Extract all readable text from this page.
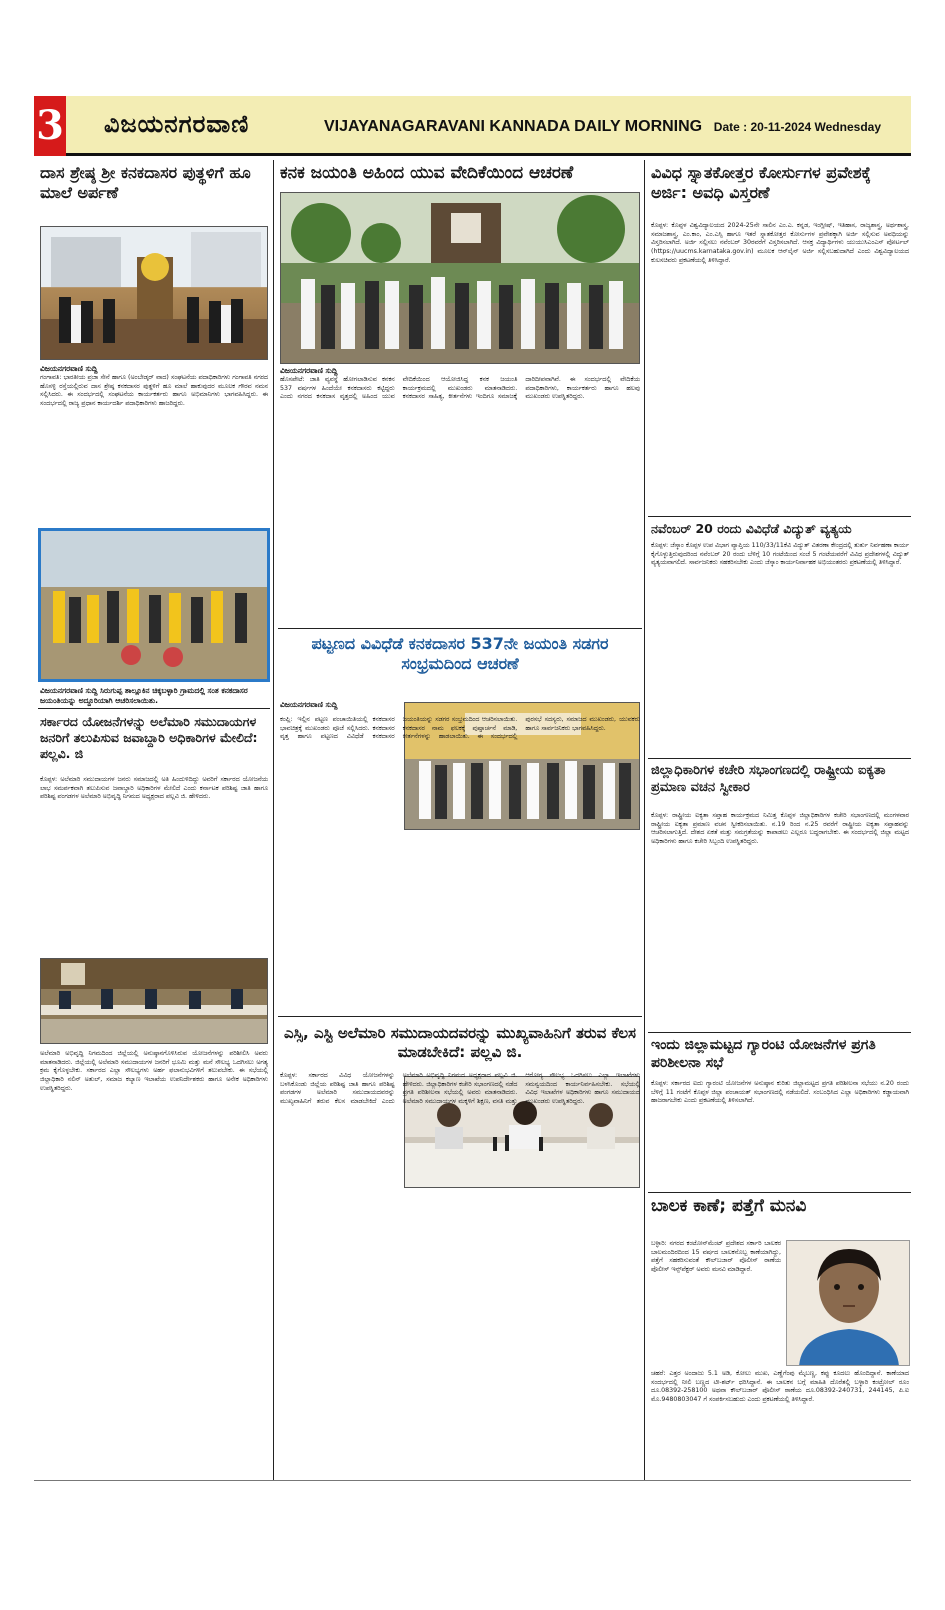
3 ವಿಜಯನಗರವಾಣಿ	VIJAYANAGARAVANI KANNADA DAILY MORNING Date : 20-11-2024 Wednesday
ದಾಸ ಶ್ರೇಷ್ಠ ಶ್ರೀ ಕನಕದಾಸರ ಪುತ್ಥಳಿಗೆ ಹೂ ಮಾಲೆ ಅರ್ಪಣೆ
ವಿಜಯನಗರವಾಣಿ ಸುದ್ದಿ
ಗಂಗಾವತಿ: ಭಾರತೀಯ ಪ್ರಜಾ ಸೇನೆ ಹಾಗೂ (ಅಂಬೇಡ್ಕರ್ ವಾದ) ಸಂಘಟನೆಯ ಪದಾಧಿಕಾರಿಗಳು ಗಂಗಾವತಿ ನಗರದ ಹೊಸಳ್ಳಿ ರಸ್ತೆಯಲ್ಲಿರುವ ದಾಸ ಶ್ರೇಷ್ಠ ಕನಕದಾಸರ ಪುತ್ಥಳಿಗೆ ಹೂ ಮಾಲೆ ಹಾಕುವುದರ ಮೂಲಕ ಗೌರವ ನಮನ ಸಲ್ಲಿಸಿದರು. ಈ ಸಂದರ್ಭದಲ್ಲಿ ಸಂಘಟನೆಯ ಕಾರ್ಯಕರ್ತರು ಹಾಗೂ ಅಭಿಮಾನಿಗಳು ಭಾಗವಹಿಸಿದ್ದರು. ಈ ಸಂದರ್ಭದಲ್ಲಿ ರಾಜ್ಯ ಪ್ರಧಾನ ಕಾರ್ಯದರ್ಶಿ ಪದಾಧಿಕಾರಿಗಳು ಹಾಜರಿದ್ದರು.
ವಿಜಯನಗರವಾಣಿ ಸುದ್ದಿ ಸಿರುಗುಪ್ಪ ತಾಲ್ಲೂಕಿನ ಚಿಕ್ಕಬಳ್ಳಾರಿ ಗ್ರಾಮದಲ್ಲಿ ಸಂತ ಕನಕದಾಸರ ಜಯಂತಿಯನ್ನು ಅದ್ದೂರಿಯಾಗಿ ಆಚರಿಸಲಾಯಿತು.
ಸರ್ಕಾರದ ಯೋಜನೆಗಳನ್ನು ಅಲೆಮಾರಿ ಸಮುದಾಯಗಳ ಜನರಿಗೆ ತಲುಪಿಸುವ ಜವಾಬ್ದಾರಿ ಅಧಿಕಾರಿಗಳ ಮೇಲಿದೆ: ಪಲ್ಲವಿ. ಜಿ
ಕೊಪ್ಪಳ: ಅಲೆಮಾರಿ ಸಮುದಾಯಗಳ ಜನರು ಸಮಾಜದಲ್ಲಿ ಅತಿ ಹಿಂದುಳಿದಿದ್ದು ಅವರಿಗೆ ಸರ್ಕಾರದ ಯೋಜನೆಯ ಲಾಭ ಸಮರ್ಪಕವಾಗಿ ತಲುಪಿಸುವ ಜವಾಬ್ದಾರಿ ಅಧಿಕಾರಿಗಳ ಮೇಲಿದೆ ಎಂದು ಕರ್ನಾಟಕ ಪರಿಶಿಷ್ಟ ಜಾತಿ ಹಾಗೂ ಪರಿಶಿಷ್ಟ ಪಂಗಡಗಳ ಅಲೆಮಾರಿ ಅಭಿವೃದ್ಧಿ ನಿಗಮದ ಅಧ್ಯಕ್ಷರಾದ ಪಲ್ಲವಿ ಜಿ. ಹೇಳಿದರು.
ಅಲೆಮಾರಿ ಅಭಿವೃದ್ಧಿ ನಿಗಮದಿಂದ ಜಿಲ್ಲೆಯಲ್ಲಿ ಅನುಷ್ಠಾನಗೊಳಿಸಿರುವ ಯೋಜನೆಗಳನ್ನು ಪರಿಶೀಲಿಸಿ ಅವರು ಮಾತನಾಡಿದರು. ಜಿಲ್ಲೆಯಲ್ಲಿ ಅಲೆಮಾರಿ ಸಮುದಾಯಗಳ ಜನರಿಗೆ ಭೂಮಿ ಮತ್ತು ಮನೆ ಸೌಲಭ್ಯ ಒದಗಿಸಲು ಅಗತ್ಯ ಕ್ರಮ ಕೈಗೊಳ್ಳಬೇಕು. ಸರ್ಕಾರದ ಎಲ್ಲಾ ಸೌಲಭ್ಯಗಳು ಅರ್ಹ ಫಲಾನುಭವಿಗಳಿಗೆ ತಲುಪಬೇಕು. ಈ ಸಭೆಯಲ್ಲಿ ಜಿಲ್ಲಾಧಿಕಾರಿ ನಲಿನ್ ಅತುಲ್, ಸಮಾಜ ಕಲ್ಯಾಣ ಇಲಾಖೆಯ ಉಪನಿರ್ದೇಶಕರು ಹಾಗೂ ಅನೇಕ ಅಧಿಕಾರಿಗಳು ಉಪಸ್ಥಿತರಿದ್ದರು.
ಕನಕ ಜಯಂತಿ ಅಹಿಂದ ಯುವ ವೇದಿಕೆಯಿಂದ ಆಚರಣೆ
ವಿಜಯನಗರವಾಣಿ ಸುದ್ದಿ
ಹೊಸಪೇಟೆ: ಜಾತಿ ವ್ಯವಸ್ಥೆ ಹೋಗಲಾಡಿಸುವ ಕನಕನ 537 ವರ್ಷಗಳ ಹಿಂದೆಯೇ ಕನಕದಾಸರು ಕಟ್ಟಿದ್ದರು ಎಂದು ನಗರದ ಕನಕದಾಸ ವೃತ್ತದಲ್ಲಿ ಅಹಿಂದ ಯುವ ವೇದಿಕೆಯಿಂದ ಆಯೋಜಿಸಿದ್ದ ಕನಕ ಜಯಂತಿ ಕಾರ್ಯಕ್ರಮದಲ್ಲಿ ಮುಖಂಡರು ಮಾತನಾಡಿದರು. ಕನಕದಾಸರ ಸಾಹಿತ್ಯ, ಕೀರ್ತನೆಗಳು ಇಂದಿಗೂ ಸಮಾಜಕ್ಕೆ ದಾರಿದೀಪವಾಗಿವೆ. ಈ ಸಂದರ್ಭದಲ್ಲಿ ವೇದಿಕೆಯ ಪದಾಧಿಕಾರಿಗಳು, ಕಾರ್ಯಕರ್ತರು ಹಾಗೂ ಹಲವು ಮುಖಂಡರು ಉಪಸ್ಥಿತರಿದ್ದರು.
ಪಟ್ಟಣದ ವಿವಿಧೆಡೆ ಕನಕದಾಸರ 537ನೇ ಜಯಂತಿ ಸಡಗರ ಸಂಭ್ರಮದಿಂದ ಆಚರಣೆ
ವಿಜಯನಗರವಾಣಿ ಸುದ್ದಿ
ಕಂಪ್ಲಿ: ಇಲ್ಲಿನ ಪಟ್ಟಣ ಪಂಚಾಯಿತಿಯಲ್ಲಿ ಕನಕದಾಸರ ಭಾವಚಿತ್ರಕ್ಕೆ ಮುಖಂಡರು ಪೂಜೆ ಸಲ್ಲಿಸಿದರು. ಕನಕದಾಸರ ವೃತ್ತ ಹಾಗೂ ಪಟ್ಟಣದ ವಿವಿಧೆಡೆ ಕನಕದಾಸರ ಜಯಂತಿಯನ್ನು ಸಡಗರ ಸಂಭ್ರಮದಿಂದ ಆಚರಿಸಲಾಯಿತು. ಕನಕದಾಸರ ನಾಮ ಫಲಕಕ್ಕೆ ಪುಷ್ಪಾರ್ಚನೆ ಮಾಡಿ, ಕೀರ್ತನೆಗಳನ್ನು ಹಾಡಲಾಯಿತು. ಈ ಸಂದರ್ಭದಲ್ಲಿ ಪುರಸಭೆ ಸದಸ್ಯರು, ಸಮಾಜದ ಮುಖಂಡರು, ಯುವಕರು ಹಾಗೂ ಸಾರ್ವಜನಿಕರು ಭಾಗವಹಿಸಿದ್ದರು.
ಎಸ್ಸಿ, ಎಸ್ಟಿ ಅಲೆಮಾರಿ ಸಮುದಾಯದವರನ್ನು ಮುಖ್ಯವಾಹಿನಿಗೆ ತರುವ ಕೆಲಸ ಮಾಡಬೇಕಿದೆ: ಪಲ್ಲವಿ ಜಿ.
ಕೊಪ್ಪಳ: ಸರ್ಕಾರದ ವಿವಿಧ ಯೋಜನೆಗಳನ್ನು ಬಳಸಿಕೊಂಡು ಜಿಲ್ಲೆಯ ಪರಿಶಿಷ್ಟ ಜಾತಿ ಹಾಗೂ ಪರಿಶಿಷ್ಟ ಪಂಗಡಗಳ ಅಲೆಮಾರಿ ಸಮುದಾಯದವರನ್ನು ಮುಖ್ಯವಾಹಿನಿಗೆ ತರುವ ಕೆಲಸ ಮಾಡಬೇಕಿದೆ ಎಂದು ಅಲೆಮಾರಿ ಅಭಿವೃದ್ಧಿ ನಿಗಮದ ಅಧ್ಯಕ್ಷರಾದ ಪಲ್ಲವಿ ಜಿ. ಹೇಳಿದರು. ಜಿಲ್ಲಾಧಿಕಾರಿಗಳ ಕಚೇರಿ ಸಭಾಂಗಣದಲ್ಲಿ ನಡೆದ ಪ್ರಗತಿ ಪರಿಶೀಲನಾ ಸಭೆಯಲ್ಲಿ ಅವರು ಮಾತನಾಡಿದರು. ಅಲೆಮಾರಿ ಸಮುದಾಯಗಳ ಮಕ್ಕಳಿಗೆ ಶಿಕ್ಷಣ, ವಸತಿ ಮತ್ತು ಆರೋಗ್ಯ ಸೌಲಭ್ಯ ಒದಗಿಸಲು ಎಲ್ಲಾ ಇಲಾಖೆಗಳು ಸಮನ್ವಯದಿಂದ ಕಾರ್ಯನಿರ್ವಹಿಸಬೇಕು. ಸಭೆಯಲ್ಲಿ ವಿವಿಧ ಇಲಾಖೆಗಳ ಅಧಿಕಾರಿಗಳು ಹಾಗೂ ಸಮುದಾಯದ ಮುಖಂಡರು ಉಪಸ್ಥಿತರಿದ್ದರು.
ವಿವಿಧ ಸ್ನಾತಕೋತ್ತರ ಕೋರ್ಸುಗಳ ಪ್ರವೇಶಕ್ಕೆ ಅರ್ಜಿ: ಅವಧಿ ವಿಸ್ತರಣೆ
ಕೊಪ್ಪಳ: ಕೊಪ್ಪಳ ವಿಶ್ವವಿದ್ಯಾಲಯದ 2024-25ನೇ ಸಾಲಿನ ಎಂ.ಎ. ಕನ್ನಡ, ಇಂಗ್ಲೀಷ್, ಇತಿಹಾಸ, ರಾಜ್ಯಶಾಸ್ತ್ರ, ಅರ್ಥಶಾಸ್ತ್ರ, ಸಮಾಜಶಾಸ್ತ್ರ, ಎಂ.ಕಾಂ, ಎಂ.ಎಸ್ಸಿ ಹಾಗೂ ಇತರೆ ಸ್ನಾತಕೋತ್ತರ ಕೋರ್ಸುಗಳ ಪ್ರವೇಶಕ್ಕಾಗಿ ಅರ್ಜಿ ಸಲ್ಲಿಸುವ ಅವಧಿಯನ್ನು ವಿಸ್ತರಿಸಲಾಗಿದೆ. ಅರ್ಜಿ ಸಲ್ಲಿಸಲು ನವೆಂಬರ್ 30ರವರೆಗೆ ವಿಸ್ತರಿಸಲಾಗಿದೆ. ಆಸಕ್ತ ವಿದ್ಯಾರ್ಥಿಗಳು ಯುಯುಸಿಎಂಎಸ್ ಪೋರ್ಟಲ್ (https://uucms.karnataka.gov.in) ಮೂಲಕ ಆನ್‌ಲೈನ್ ಅರ್ಜಿ ಸಲ್ಲಿಸಬಹುದಾಗಿದೆ ಎಂದು ವಿಶ್ವವಿದ್ಯಾಲಯದ ಕುಲಸಚಿವರು ಪ್ರಕಟಣೆಯಲ್ಲಿ ತಿಳಿಸಿದ್ದಾರೆ.
ನವೆಂಬರ್ 20 ರಂದು ವಿವಿಧೆಡೆ ವಿದ್ಯುತ್ ವ್ಯತ್ಯಯ
ಕೊಪ್ಪಳ: ಜೆಸ್ಕಾಂ ಕೊಪ್ಪಳ ಉಪ ವಿಭಾಗ ವ್ಯಾಪ್ತಿಯ 110/33/11ಕೆವಿ ವಿದ್ಯುತ್ ವಿತರಣಾ ಕೇಂದ್ರದಲ್ಲಿ ತುರ್ತು ನಿರ್ವಹಣಾ ಕಾರ್ಯ ಕೈಗೊಳ್ಳುತ್ತಿರುವುದರಿಂದ ನವೆಂಬರ್ 20 ರಂದು ಬೆಳಿಗ್ಗೆ 10 ಗಂಟೆಯಿಂದ ಸಂಜೆ 5 ಗಂಟೆಯವರೆಗೆ ವಿವಿಧ ಪ್ರದೇಶಗಳಲ್ಲಿ ವಿದ್ಯುತ್ ವ್ಯತ್ಯಯವಾಗಲಿದೆ. ಸಾರ್ವಜನಿಕರು ಸಹಕರಿಸಬೇಕು ಎಂದು ಜೆಸ್ಕಾಂ ಕಾರ್ಯನಿರ್ವಾಹಕ ಅಭಿಯಂತರರು ಪ್ರಕಟಣೆಯಲ್ಲಿ ತಿಳಿಸಿದ್ದಾರೆ.
ಜಿಲ್ಲಾಧಿಕಾರಿಗಳ ಕಚೇರಿ ಸಭಾಂಗಣದಲ್ಲಿ ರಾಷ್ಟ್ರೀಯ ಐಕ್ಯತಾ ಪ್ರಮಾಣ ವಚನ ಸ್ವೀಕಾರ
ಕೊಪ್ಪಳ: ರಾಷ್ಟ್ರೀಯ ಐಕ್ಯತಾ ಸಪ್ತಾಹ ಕಾರ್ಯಕ್ರಮದ ನಿಮಿತ್ತ ಕೊಪ್ಪಳ ಜಿಲ್ಲಾಧಿಕಾರಿಗಳ ಕಚೇರಿ ಸಭಾಂಗಣದಲ್ಲಿ ಮಂಗಳವಾರ ರಾಷ್ಟ್ರೀಯ ಐಕ್ಯತಾ ಪ್ರಮಾಣ ವಚನ ಸ್ವೀಕರಿಸಲಾಯಿತು. ನ.19 ರಿಂದ ನ.25 ರವರೆಗೆ ರಾಷ್ಟ್ರೀಯ ಐಕ್ಯತಾ ಸಪ್ತಾಹವನ್ನು ಆಚರಿಸಲಾಗುತ್ತಿದೆ. ದೇಶದ ಏಕತೆ ಮತ್ತು ಸಮಗ್ರತೆಯನ್ನು ಕಾಪಾಡಲು ಎಲ್ಲರೂ ಬದ್ಧರಾಗಬೇಕು. ಈ ಸಂದರ್ಭದಲ್ಲಿ ಜಿಲ್ಲಾ ಮಟ್ಟದ ಅಧಿಕಾರಿಗಳು ಹಾಗೂ ಕಚೇರಿ ಸಿಬ್ಬಂದಿ ಉಪಸ್ಥಿತರಿದ್ದರು.
ಇಂದು ಜಿಲ್ಲಾಮಟ್ಟದ ಗ್ಯಾರಂಟಿ ಯೋಜನೆಗಳ ಪ್ರಗತಿ ಪರಿಶೀಲನಾ ಸಭೆ
ಕೊಪ್ಪಳ: ಸರ್ಕಾರದ ಐದು ಗ್ಯಾರಂಟಿ ಯೋಜನೆಗಳ ಅನುಷ್ಠಾನ ಕುರಿತು ಜಿಲ್ಲಾಮಟ್ಟದ ಪ್ರಗತಿ ಪರಿಶೀಲನಾ ಸಭೆಯು ನ.20 ರಂದು ಬೆಳಿಗ್ಗೆ 11 ಗಂಟೆಗೆ ಕೊಪ್ಪಳ ಜಿಲ್ಲಾ ಪಂಚಾಯತ್ ಸಭಾಂಗಣದಲ್ಲಿ ನಡೆಯಲಿದೆ. ಸಂಬಂಧಿಸಿದ ಎಲ್ಲಾ ಅಧಿಕಾರಿಗಳು ಕಡ್ಡಾಯವಾಗಿ ಹಾಜರಾಗಬೇಕು ಎಂದು ಪ್ರಕಟಣೆಯಲ್ಲಿ ತಿಳಿಸಲಾಗಿದೆ.
ಬಾಲಕ ಕಾಣೆ; ಪತ್ತೆಗೆ ಮನವಿ
ಬಳ್ಳಾರಿ: ನಗರದ ಕಂಟೋನ್‌ಮೆಂಟ್ ಪ್ರದೇಶದ ಸರ್ಕಾರಿ ಬಾಲಕರ ಬಾಲಮಂದಿರದಿಂದ 15 ವರ್ಷದ ಬಾಲಕನೊಬ್ಬ ಕಾಣೆಯಾಗಿದ್ದು, ಪತ್ತೆಗೆ ಸಹಕರಿಸುವಂತೆ ಕೌಲ್‌ಬಜಾರ್ ಪೊಲೀಸ್ ಠಾಣೆಯ ಪೊಲೀಸ್ ಇನ್ಸ್‌ಪೆಕ್ಟರ್ ಅವರು ಮನವಿ ಮಾಡಿದ್ದಾರೆ.
ಚಹರೆ: ಎತ್ತರ ಅಂದಾಜು 5.1 ಅಡಿ, ಕೋಲು ಮುಖ, ಎಣ್ಣೆಗೆಂಪು ಮೈಬಣ್ಣ, ಕಪ್ಪು ಕೂದಲು ಹೊಂದಿದ್ದಾನೆ. ಕಾಣೆಯಾದ ಸಂದರ್ಭದಲ್ಲಿ ನೀಲಿ ಬಣ್ಣದ ಟೀ-ಶರ್ಟ್ ಧರಿಸಿದ್ದಾನೆ. ಈ ಬಾಲಕನ ಬಗ್ಗೆ ಮಾಹಿತಿ ದೊರೆತಲ್ಲಿ ಬಳ್ಳಾರಿ ಕಂಟ್ರೋಲ್ ರೂಂ ದೂ.08392-258100 ಅಥವಾ ಕೌಲ್‌ಬಜಾರ್ ಪೊಲೀಸ್ ಠಾಣೆಯ ದೂ.08392-240731, 244145, ಪಿ.ಐ ಮೊ.9480803047 ಗೆ ಸಂಪರ್ಕಿಸಬಹುದು ಎಂದು ಪ್ರಕಟಣೆಯಲ್ಲಿ ತಿಳಿಸಿದ್ದಾರೆ.
